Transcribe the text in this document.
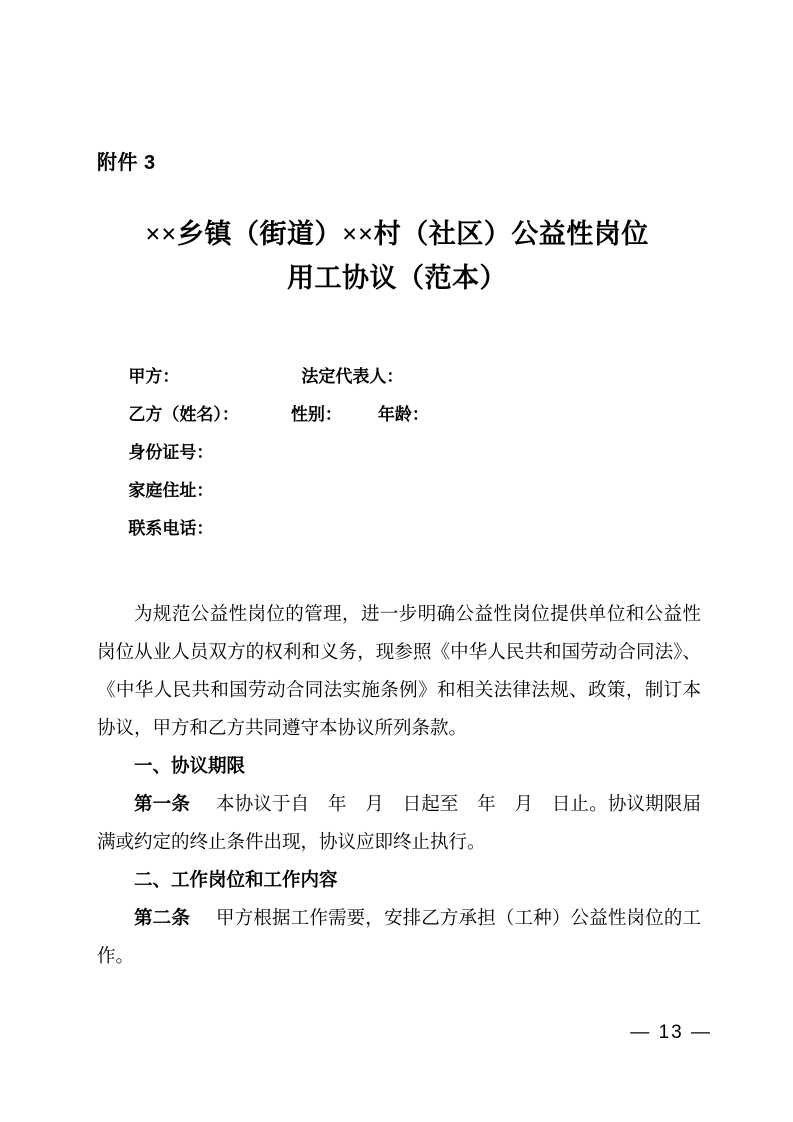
附件 3
××乡镇（街道）××村（社区）公益性岗位
用工协议（范本）

甲方：	法定代表人：

乙方（姓名）：	性别： 年龄：

身份证号：

家庭住址：

联系电话：

为规范公益性岗位的管理，进一步明确公益性岗位提供单位和公益性岗位从业人员双方的权利和义务，现参照《中华人民共和国劳动合同法》、《中华人民共和国劳动合同法实施条例》和相关法律法规、政策，制订本协议，甲方和乙方共同遵守本协议所列条款。

一、协议期限

第一条 本协议于自　年　月　日起至　年　月　日止。协议期限届满或约定的终止条件出现，协议应即终止执行。

二、工作岗位和工作内容

第二条 甲方根据工作需要，安排乙方承担（工种）公益性岗位的工作。

— 13 —
